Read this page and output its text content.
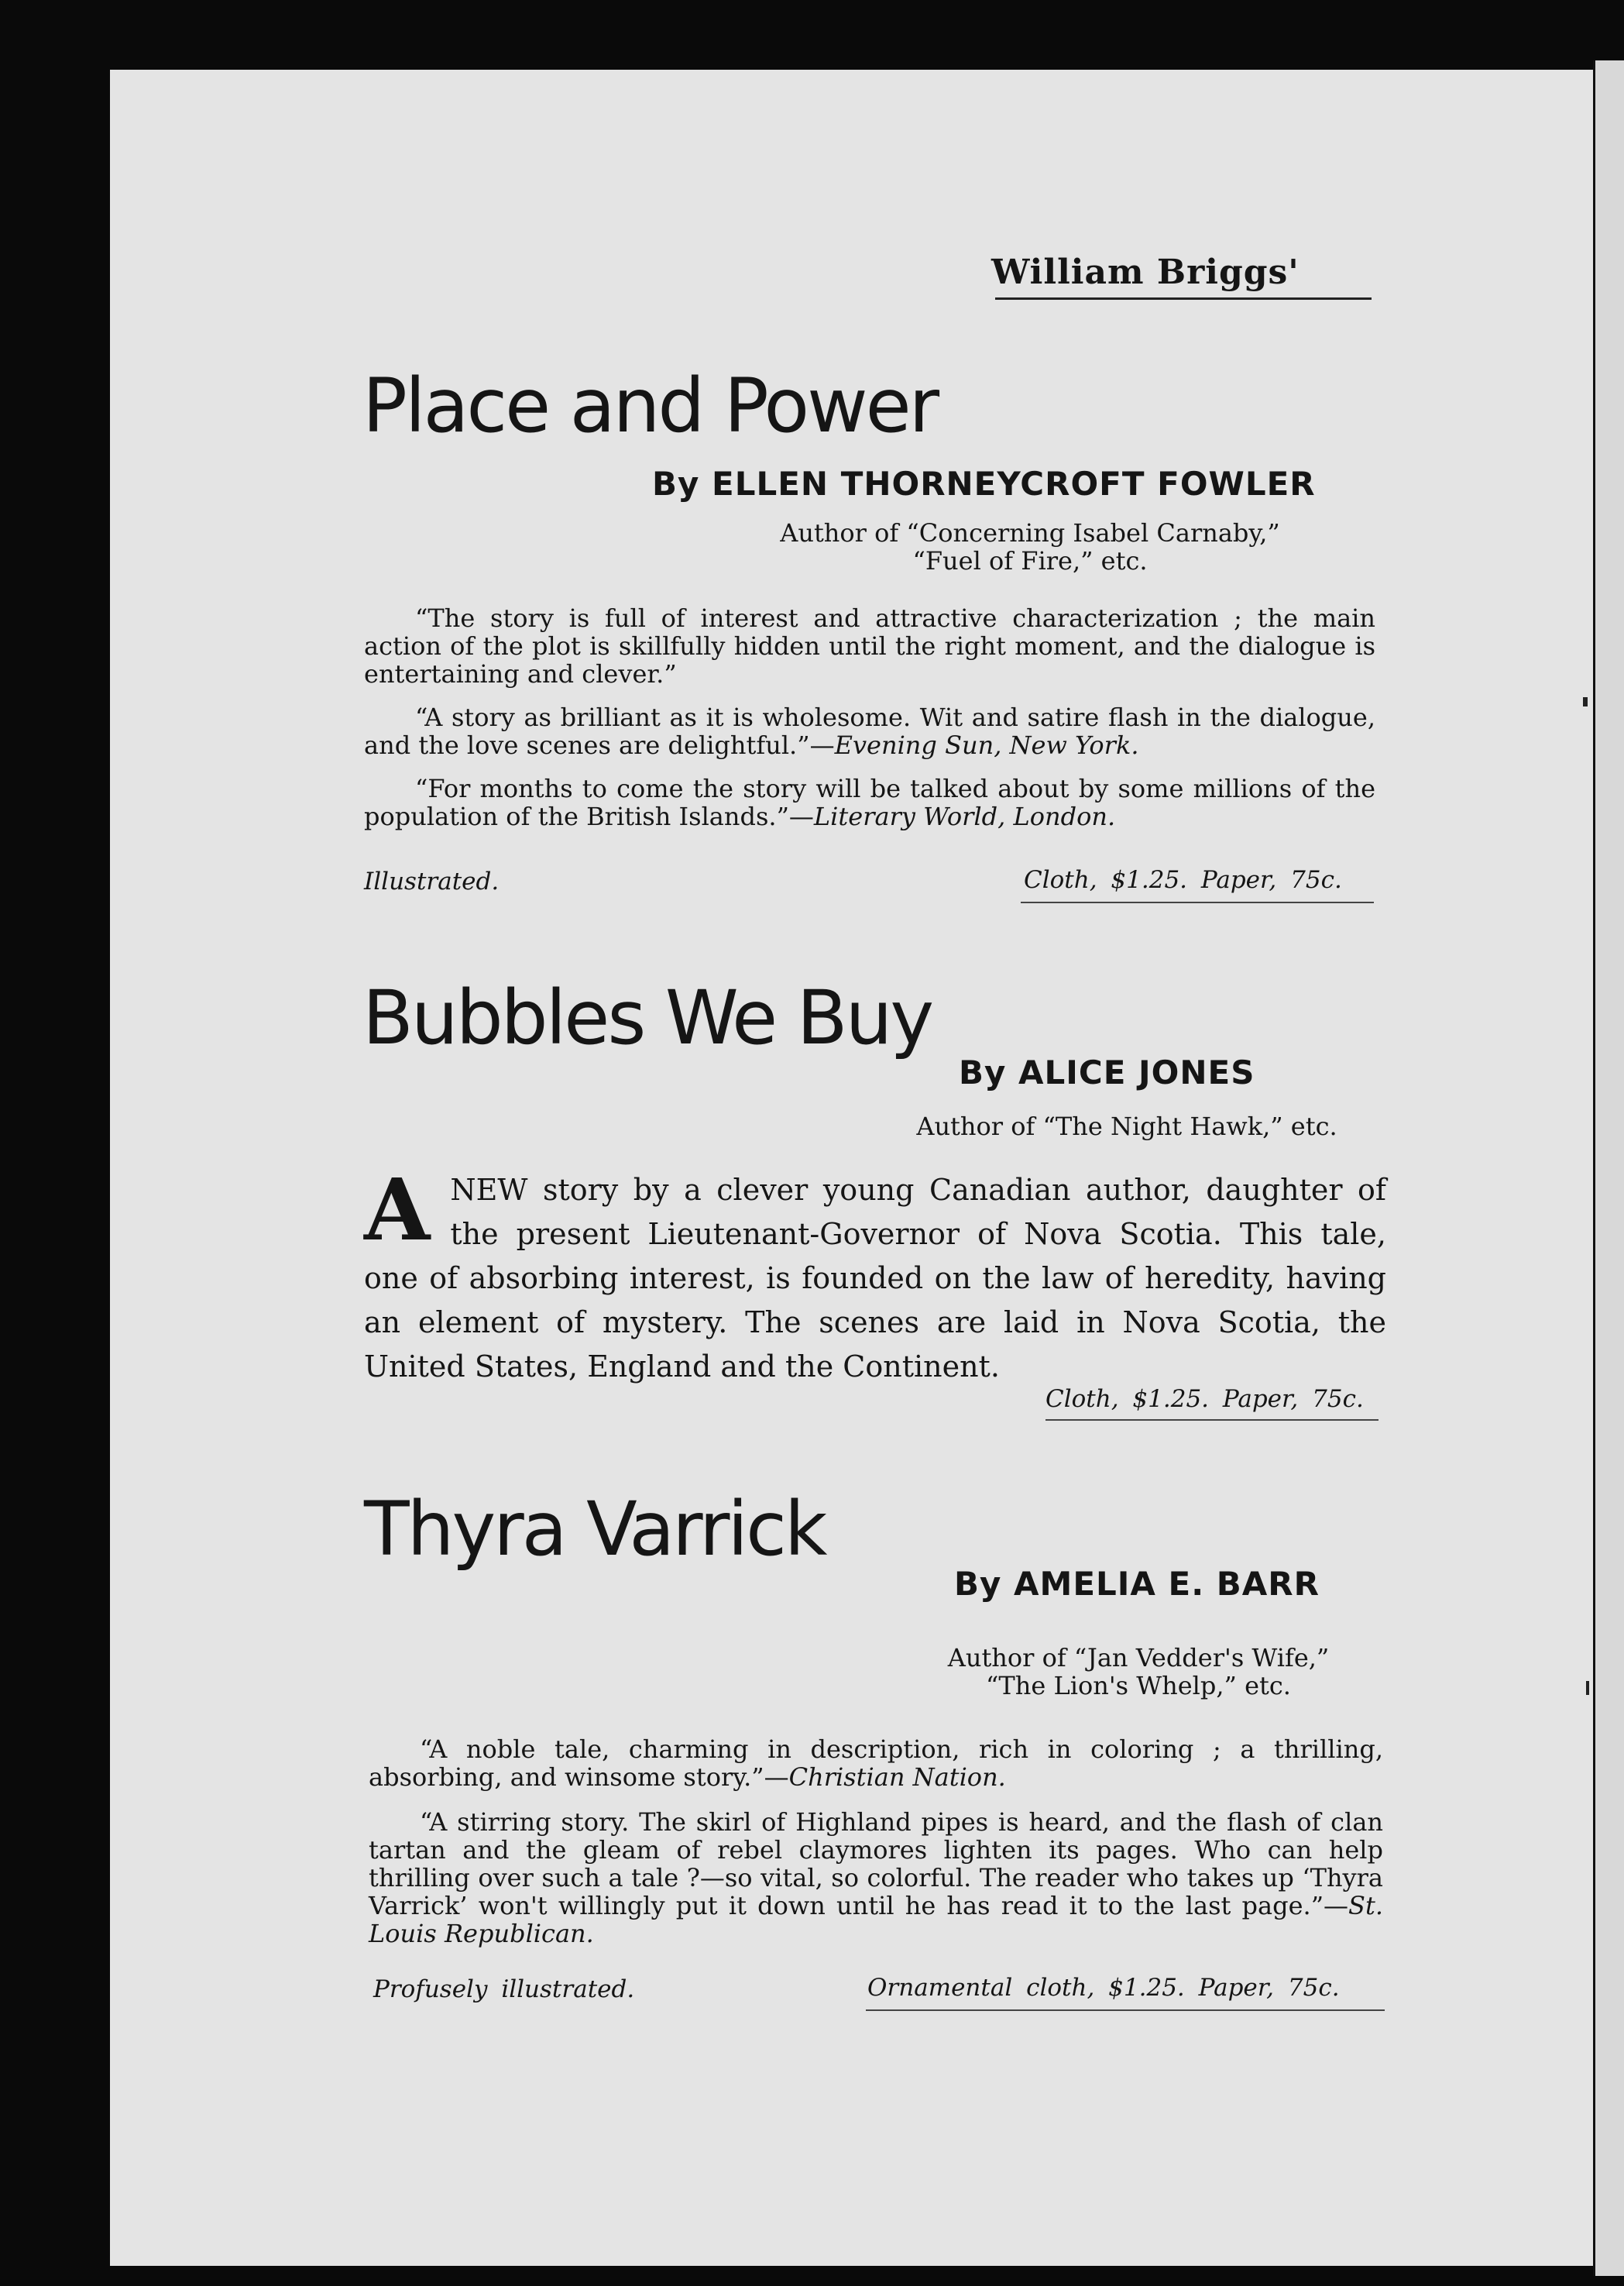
William Briggs'
Place and Power
By ELLEN THORNEYCROFT FOWLER
Author of “Concerning Isabel Carnaby,”
“Fuel of Fire,” etc.

“The story is full of interest and attractive characterization ; the main action of the plot is skillfully hidden until the right moment, and the dialogue is entertaining and clever.”

“A story as brilliant as it is wholesome. Wit and satire flash in the dialogue, and the love scenes are delightful.”—Evening Sun, New York.

“For months to come the story will be talked about by some millions of the population of the British Islands.”—Literary World, London.

Illustrated.	Cloth, $1.25. Paper, 75c.
Bubbles We Buy
By ALICE JONES
Author of “The Night Hawk,” etc.
ANEW story by a clever young Canadian author, daughter of the present Lieutenant-Governor of Nova Scotia. This tale, one of absorbing interest, is founded on the law of heredity, having an element of mystery. The scenes are laid in Nova Scotia, the United States, England and the Continent.
Cloth, $1.25. Paper, 75c.
Thyra Varrick
By AMELIA E. BARR
Author of “Jan Vedder's Wife,”
“The Lion's Whelp,” etc.

“A noble tale, charming in description, rich in coloring ; a thrilling, absorbing, and winsome story.”—Christian Nation.

“A stirring story. The skirl of Highland pipes is heard, and the flash of clan tartan and the gleam of rebel claymores lighten its pages. Who can help thrilling over such a tale ?—so vital, so colorful. The reader who takes up ‘Thyra Varrick’ won't willingly put it down until he has read it to the last page.”—St. Louis Republican.

Profusely illustrated.	Ornamental cloth, $1.25. Paper, 75c.
